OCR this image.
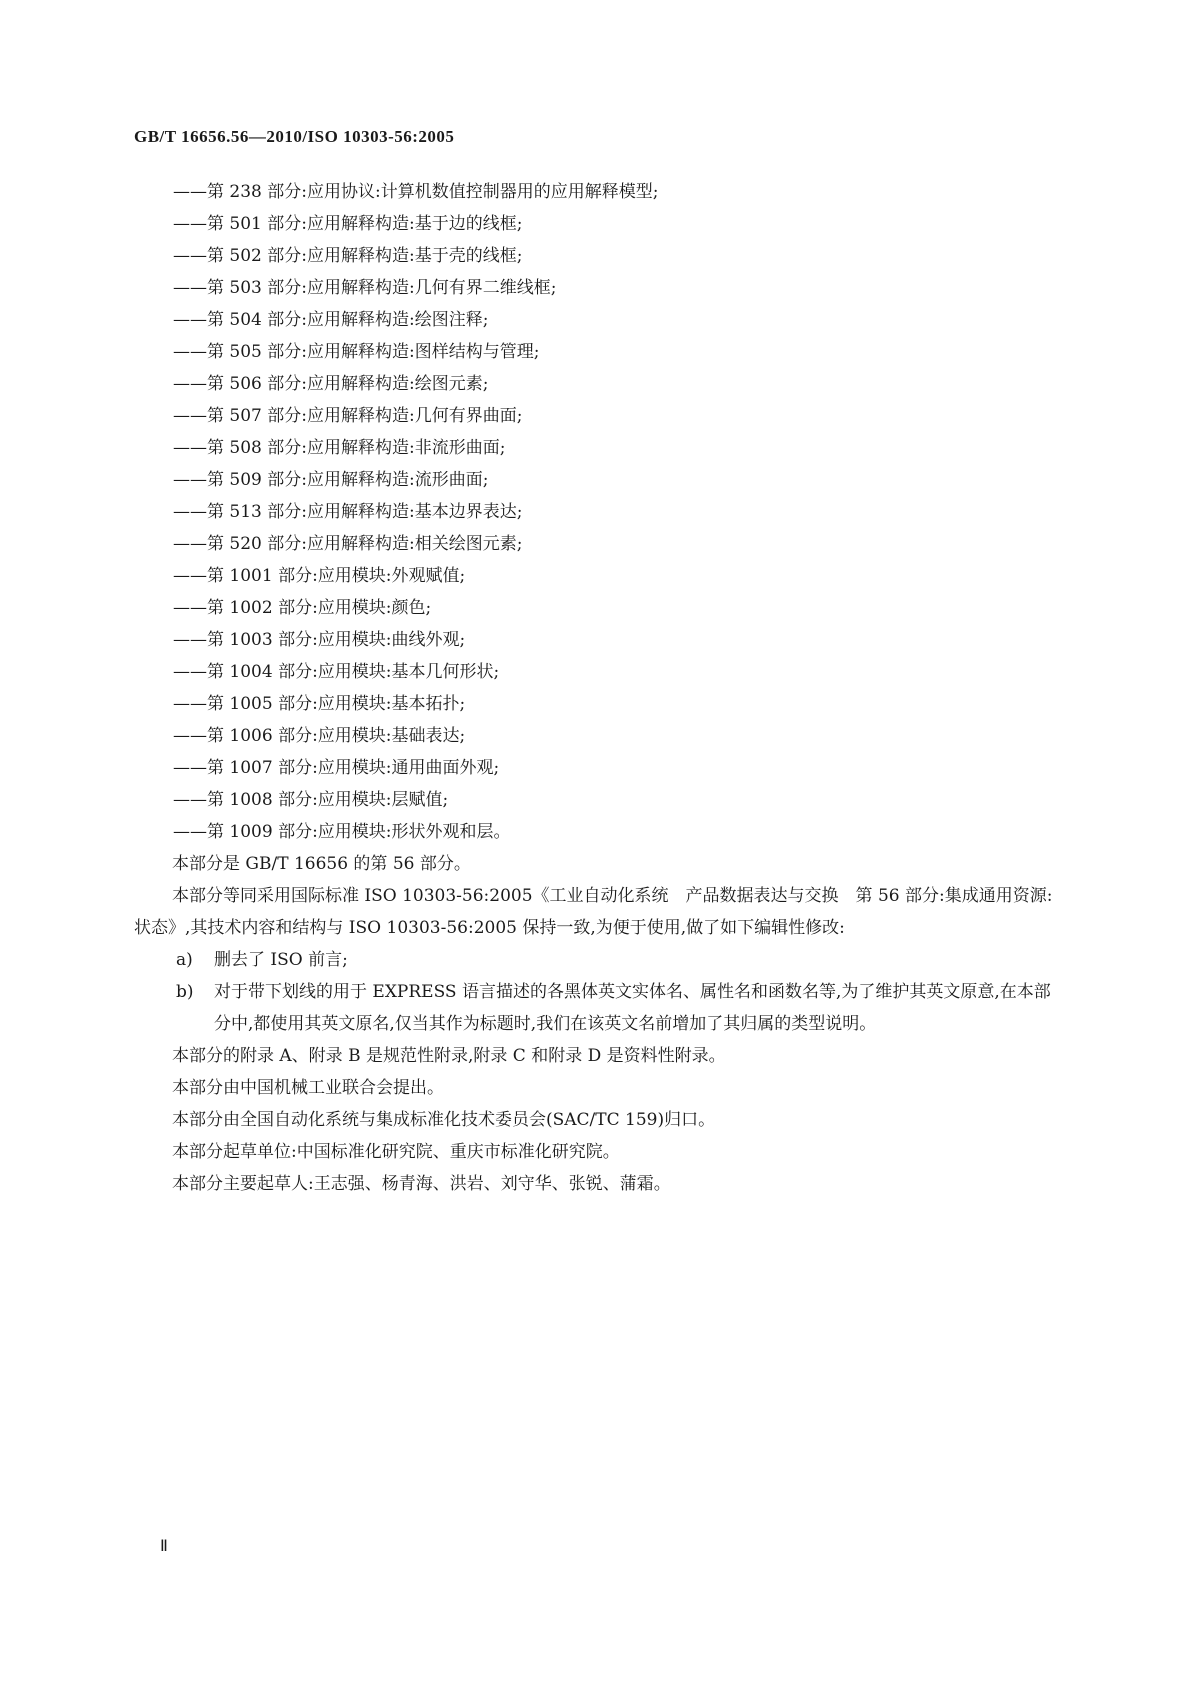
GB/T 16656.56—2010/ISO 10303-56:2005
——第 238 部分:应用协议:计算机数值控制器用的应用解释模型;
——第 501 部分:应用解释构造:基于边的线框;
——第 502 部分:应用解释构造:基于壳的线框;
——第 503 部分:应用解释构造:几何有界二维线框;
——第 504 部分:应用解释构造:绘图注释;
——第 505 部分:应用解释构造:图样结构与管理;
——第 506 部分:应用解释构造:绘图元素;
——第 507 部分:应用解释构造:几何有界曲面;
——第 508 部分:应用解释构造:非流形曲面;
——第 509 部分:应用解释构造:流形曲面;
——第 513 部分:应用解释构造:基本边界表达;
——第 520 部分:应用解释构造:相关绘图元素;
——第 1001 部分:应用模块:外观赋值;
——第 1002 部分:应用模块:颜色;
——第 1003 部分:应用模块:曲线外观;
——第 1004 部分:应用模块:基本几何形状;
——第 1005 部分:应用模块:基本拓扑;
——第 1006 部分:应用模块:基础表达;
——第 1007 部分:应用模块:通用曲面外观;
——第 1008 部分:应用模块:层赋值;
——第 1009 部分:应用模块:形状外观和层。

本部分是 GB/T 16656 的第 56 部分。

本部分等同采用国际标准 ISO 10303-56:2005《工业自动化系统　产品数据表达与交换　第 56 部分:集成通用资源:状态》,其技术内容和结构与 ISO 10303-56:2005 保持一致,为便于使用,做了如下编辑性修改:

a) 删去了 ISO 前言;

b) 对于带下划线的用于 EXPRESS 语言描述的各黑体英文实体名、属性名和函数名等,为了维护其英文原意,在本部分中,都使用其英文原名,仅当其作为标题时,我们在该英文名前增加了其归属的类型说明。

本部分的附录 A、附录 B 是规范性附录,附录 C 和附录 D 是资料性附录。

本部分由中国机械工业联合会提出。

本部分由全国自动化系统与集成标准化技术委员会(SAC/TC 159)归口。

本部分起草单位:中国标准化研究院、重庆市标准化研究院。

本部分主要起草人:王志强、杨青海、洪岩、刘守华、张锐、蒲霜。

Ⅱ
